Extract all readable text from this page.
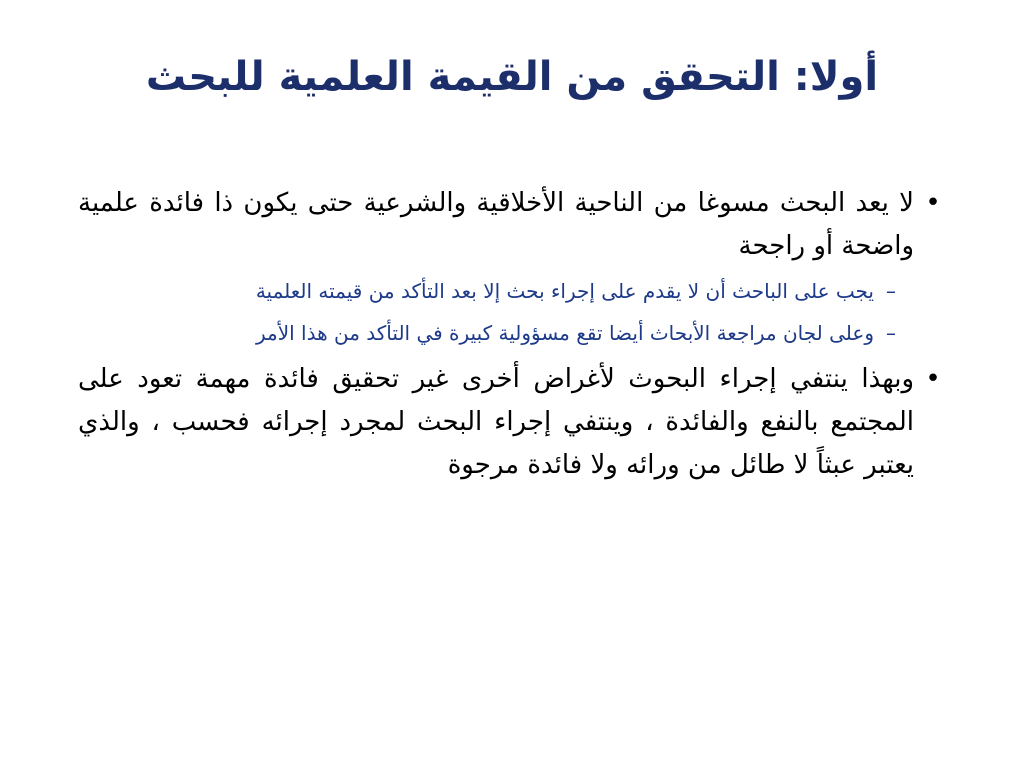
أولا: التحقق من القيمة العلمية للبحث
•
لا يعد البحث مسوغا من الناحية الأخلاقية والشرعية حتى يكون ذا فائدة علمية واضحة أو راجحة
–
يجب على الباحث أن لا يقدم على إجراء بحث إلا بعد التأكد من قيمته العلمية
–
وعلى لجان مراجعة الأبحاث أيضا تقع مسؤولية كبيرة في التأكد من هذا الأمر
•
وبهذا ينتفي إجراء البحوث لأغراض أخرى غير تحقيق فائدة مهمة تعود على المجتمع بالنفع والفائدة ، وينتفي إجراء البحث لمجرد إجرائه فحسب ، والذي يعتبر عبثاً لا طائل من ورائه ولا فائدة مرجوة
